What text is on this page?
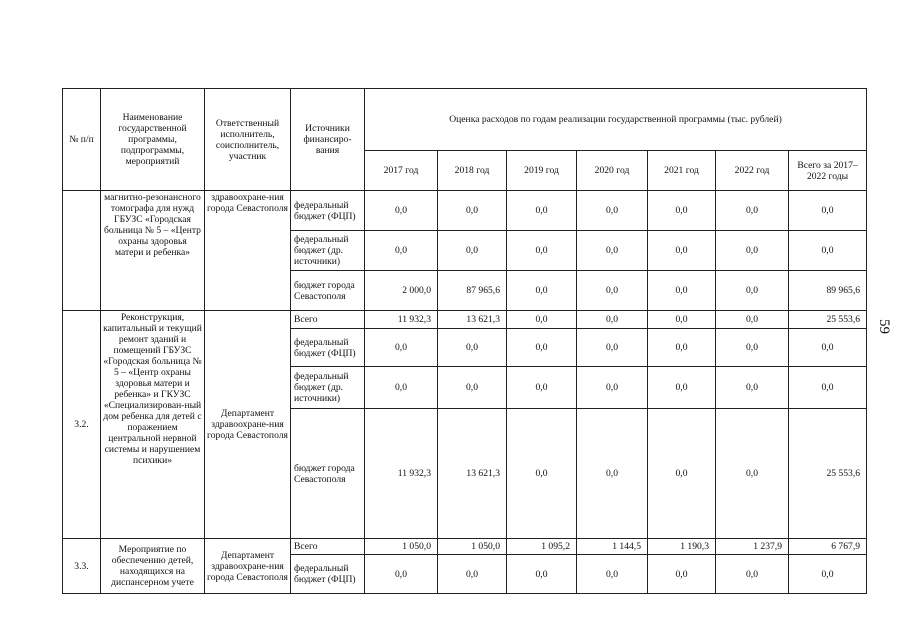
№ п/п	Наименование государственной программы, подпрограммы, мероприятий	Ответственный исполнитель, соисполнитель, участник	Источники финансиро-вания	Оценка расходов по годам реализации государственной программы (тыс. рублей)						
				2017 год	2018 год	2019 год	2020 год	2021 год	2022 год	Всего за 2017–2022 годы
	магнитно-резонансного томографа для нужд ГБУЗС «Городская больница № 5 – «Центр охраны здоровья матери и ребенка»	здравоохране-ния города Севастополя	федеральный бюджет (ФЦП)	0,0	0,0	0,0	0,0	0,0	0,0	0,0
			федеральный бюджет (др. источники)	0,0	0,0	0,0	0,0	0,0	0,0	0,0
			бюджет города Севастополя	2 000,0	87 965,6	0,0	0,0	0,0	0,0	89 965,6
3.2.	Реконструкция, капитальный и текущий ремонт зданий и помещений ГБУЗС «Городская больница № 5 – «Центр охраны здоровья матери и ребенка» и ГКУЗС «Специализирован-ный дом ребенка для детей с поражением центральной нервной системы и нарушением психики»	Департамент здравоохране-ния города Севастополя	Всего	11 932,3	13 621,3	0,0	0,0	0,0	0,0	25 553,6
			федеральный бюджет (ФЦП)	0,0	0,0	0,0	0,0	0,0	0,0	0,0
			федеральный бюджет (др. источники)	0,0	0,0	0,0	0,0	0,0	0,0	0,0
			бюджет города Севастополя	11 932,3	13 621,3	0,0	0,0	0,0	0,0	25 553,6
3.3.	Мероприятие по обеспечению детей, находящихся на диспансерном учете	Департамент здравоохране-ния города Севастополя	Всего	1 050,0	1 050,0	1 095,2	1 144,5	1 190,3	1 237,9	6 767,9
			федеральный бюджет (ФЦП)	0,0	0,0	0,0	0,0	0,0	0,0	0,0
59
